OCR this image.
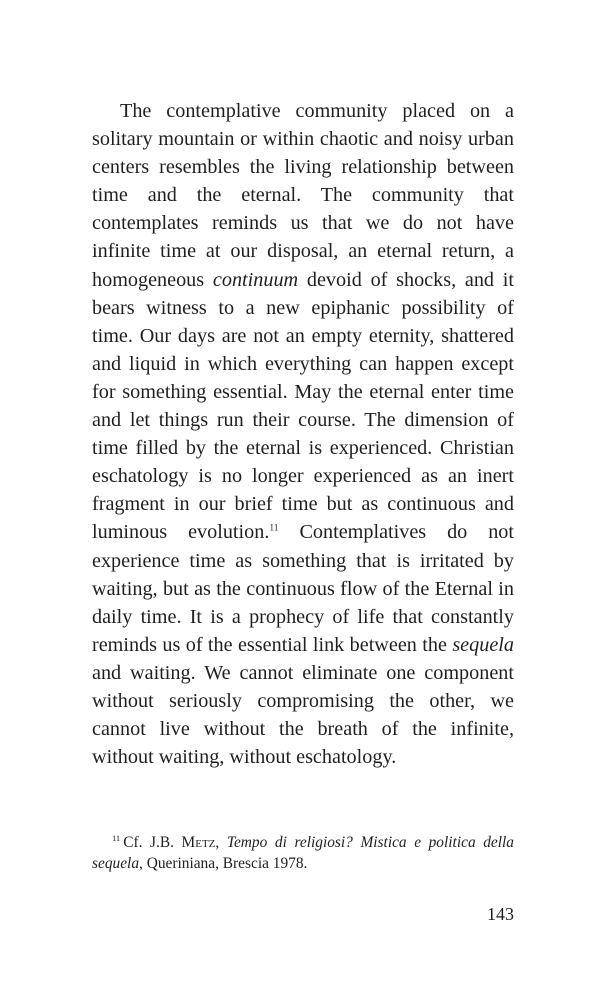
The contemplative community placed on a solitary mountain or within chaotic and noisy urban centers resembles the living relationship between time and the eternal. The community that contemplates reminds us that we do not have infinite time at our disposal, an eternal return, a homogeneous continuum devoid of shocks, and it bears witness to a new epiphanic possibility of time. Our days are not an empty eternity, shattered and liquid in which everything can happen except for something essential. May the eternal enter time and let things run their course. The dimension of time filled by the eternal is experienced. Christian eschatology is no longer experienced as an inert fragment in our brief time but as continuous and luminous evolution.$^{11}$ Contemplatives do not experience time as something that is irritated by waiting, but as the continuous flow of the Eternal in daily time. It is a prophecy of life that constantly reminds us of the essential link between the sequela and waiting. We cannot eliminate one component without seriously compromising the other, we cannot live without the breath of the infinite, without waiting, without eschatology.

$^{11}$ Cf. J.B. Metz, Tempo di religiosi? Mistica e politica della sequela, Queriniana, Brescia 1978.

143
